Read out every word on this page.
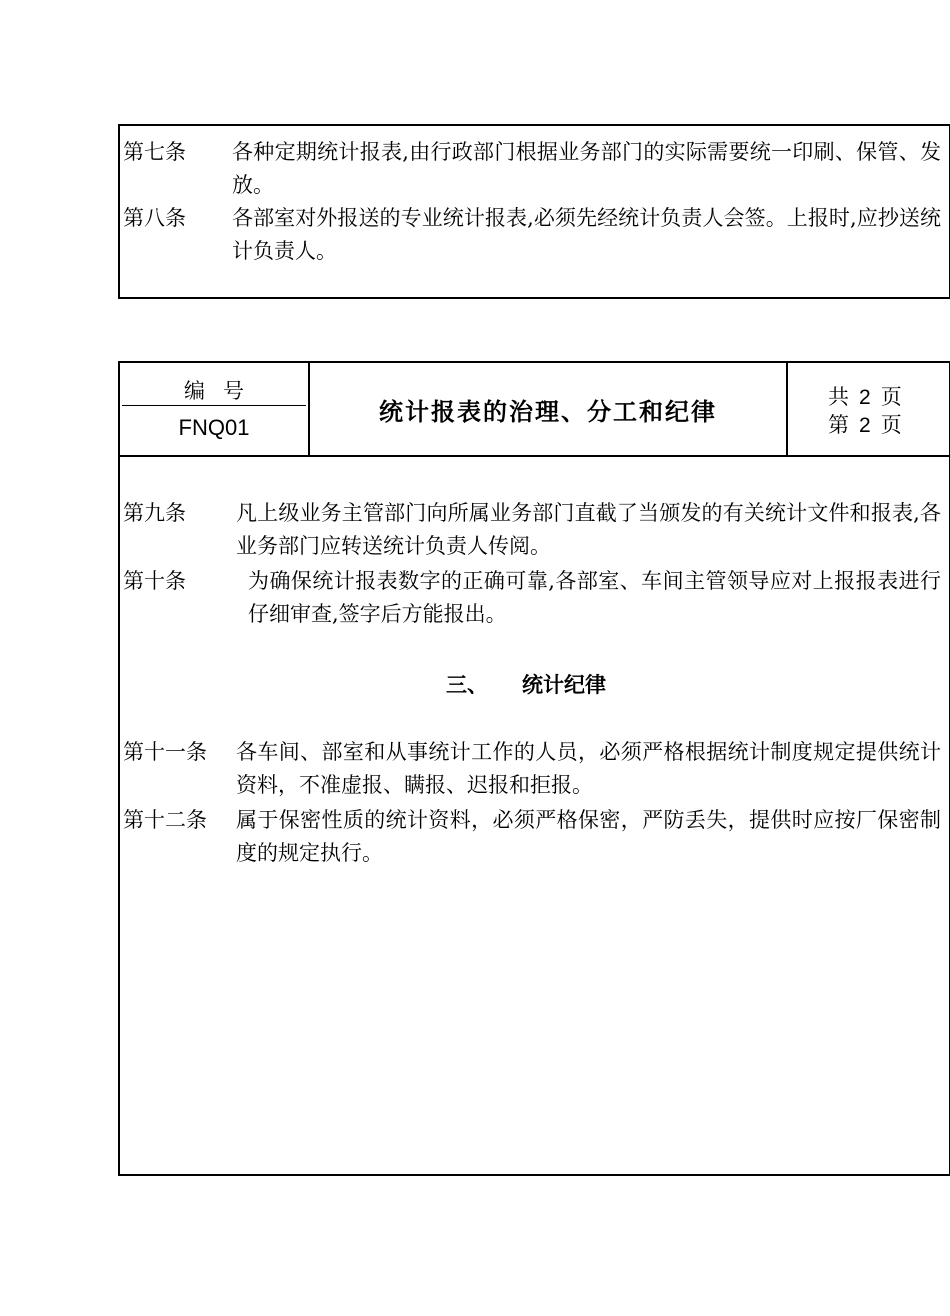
第七条 各种定期统计报表,由行政部门根据业务部门的实际需要统一印刷、保管、发放。
第八条 各部室对外报送的专业统计报表,必须先经统计负责人会签。上报时,应抄送统计负责人。
编号
FNQ01
统计报表的治理、分工和纪律
共 2 页
第 2 页
第九条 凡上级业务主管部门向所属业务部门直截了当颁发的有关统计文件和报表,各业务部门应转送统计负责人传阅。
第十条	为确保统计报表数字的正确可靠,各部室、车间主管领导应对上报报表进行仔细审查,签字后方能报出。
三、 统计纪律
第十一条 各车间、部室和从事统计工作的人员，必须严格根据统计制度规定提供统计资料，不准虚报、瞒报、迟报和拒报。
第十二条 属于保密性质的统计资料，必须严格保密，严防丢失，提供时应按厂保密制度的规定执行。
